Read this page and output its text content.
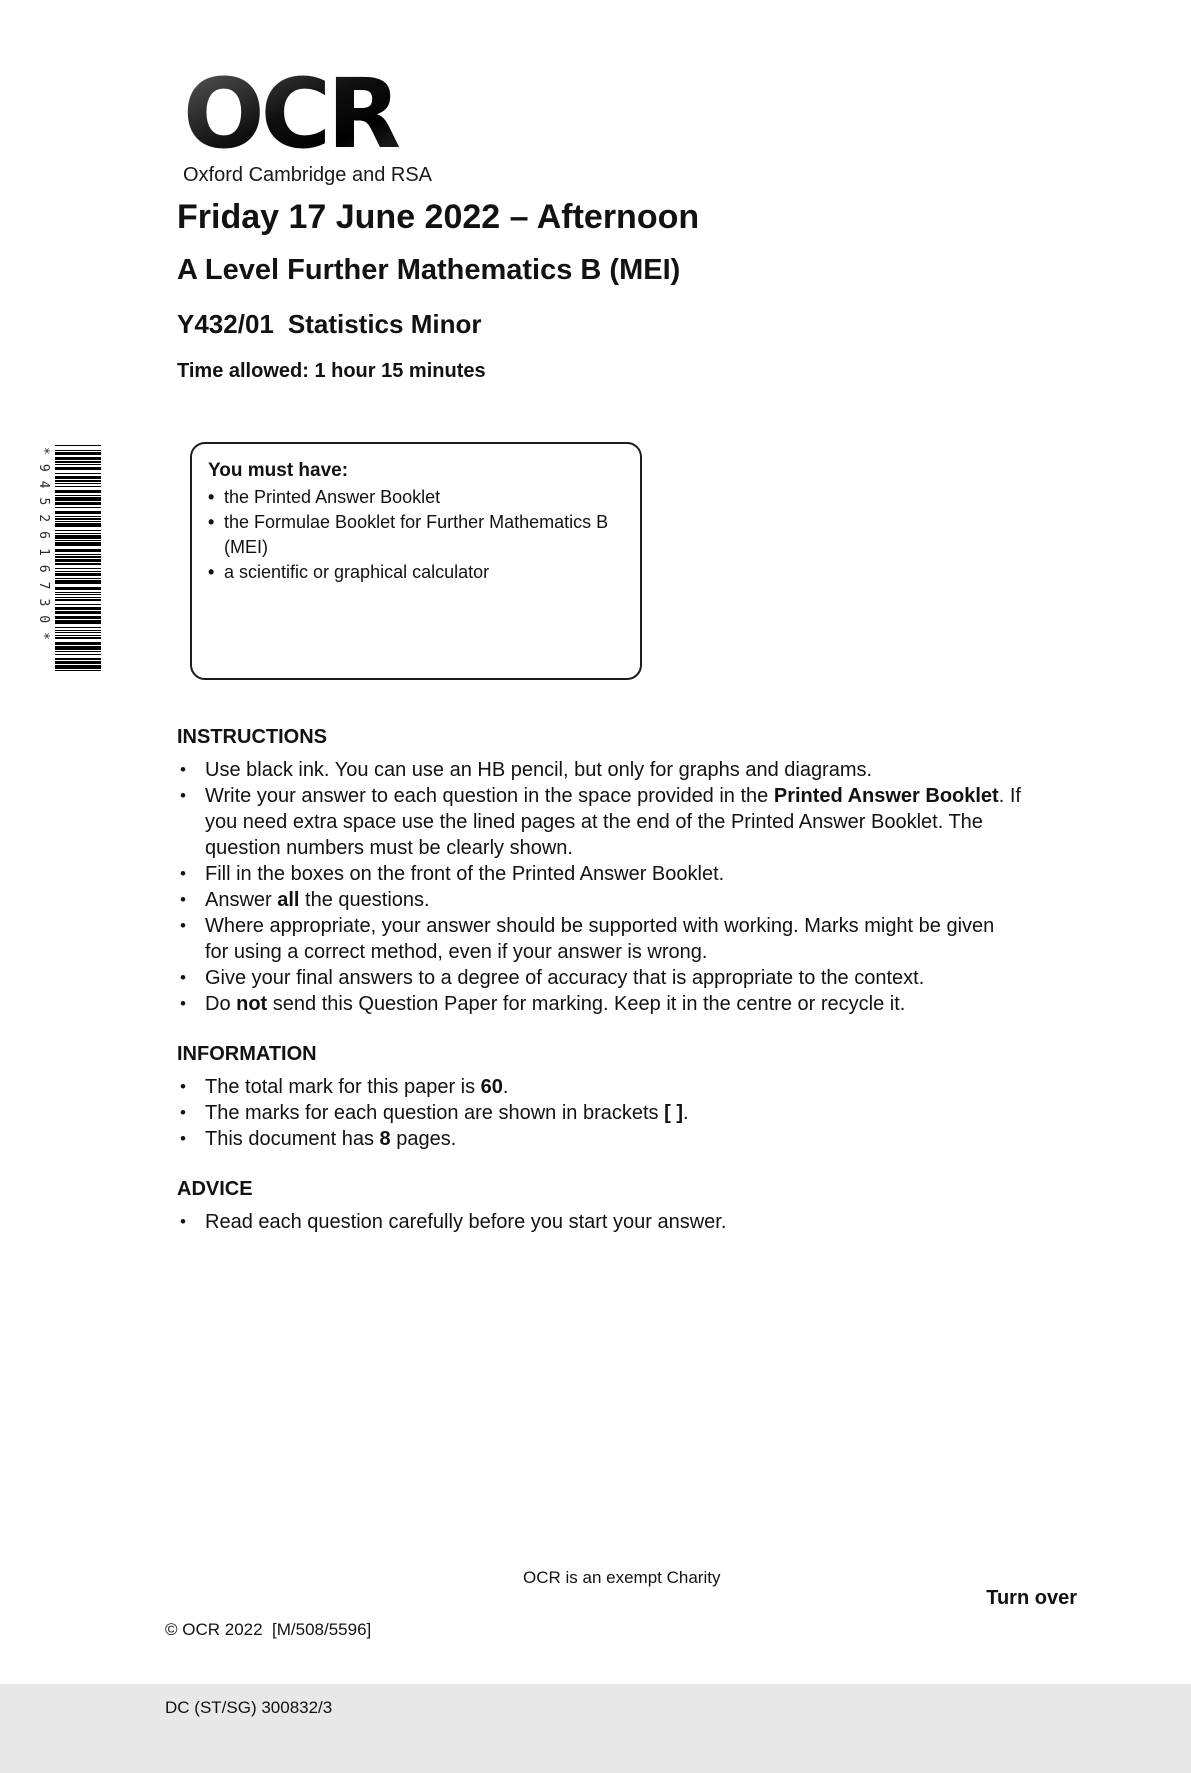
OCR
Oxford Cambridge and RSA
Friday 17 June 2022 – Afternoon
A Level Further Mathematics B (MEI)
Y432/01 Statistics Minor

Time allowed: 1 hour 15 minutes

*9452616730*	You must have:

• the Printed Answer Booklet
• the Formulae Booklet for Further Mathematics B (MEI)
• a scientific or graphical calculator
INSTRUCTIONS
• Use black ink. You can use an HB pencil, but only for graphs and diagrams.
• Write your answer to each question in the space provided in the Printed Answer Booklet. If you need extra space use the lined pages at the end of the Printed Answer Booklet. The question numbers must be clearly shown.
• Fill in the boxes on the front of the Printed Answer Booklet.
• Answer all the questions.
• Where appropriate, your answer should be supported with working. Marks might be given for using a correct method, even if your answer is wrong.
• Give your final answers to a degree of accuracy that is appropriate to the context.
• Do not send this Question Paper for marking. Keep it in the centre or recycle it.
INFORMATION
• The total mark for this paper is 60.
• The marks for each question are shown in brackets [ ].
• This document has 8 pages.
ADVICE
• Read each question carefully before you start your answer.

© OCR 2022  [M/508/5596]

DC (ST/SG) 300832/3

OCR is an exempt Charity
Turn over
